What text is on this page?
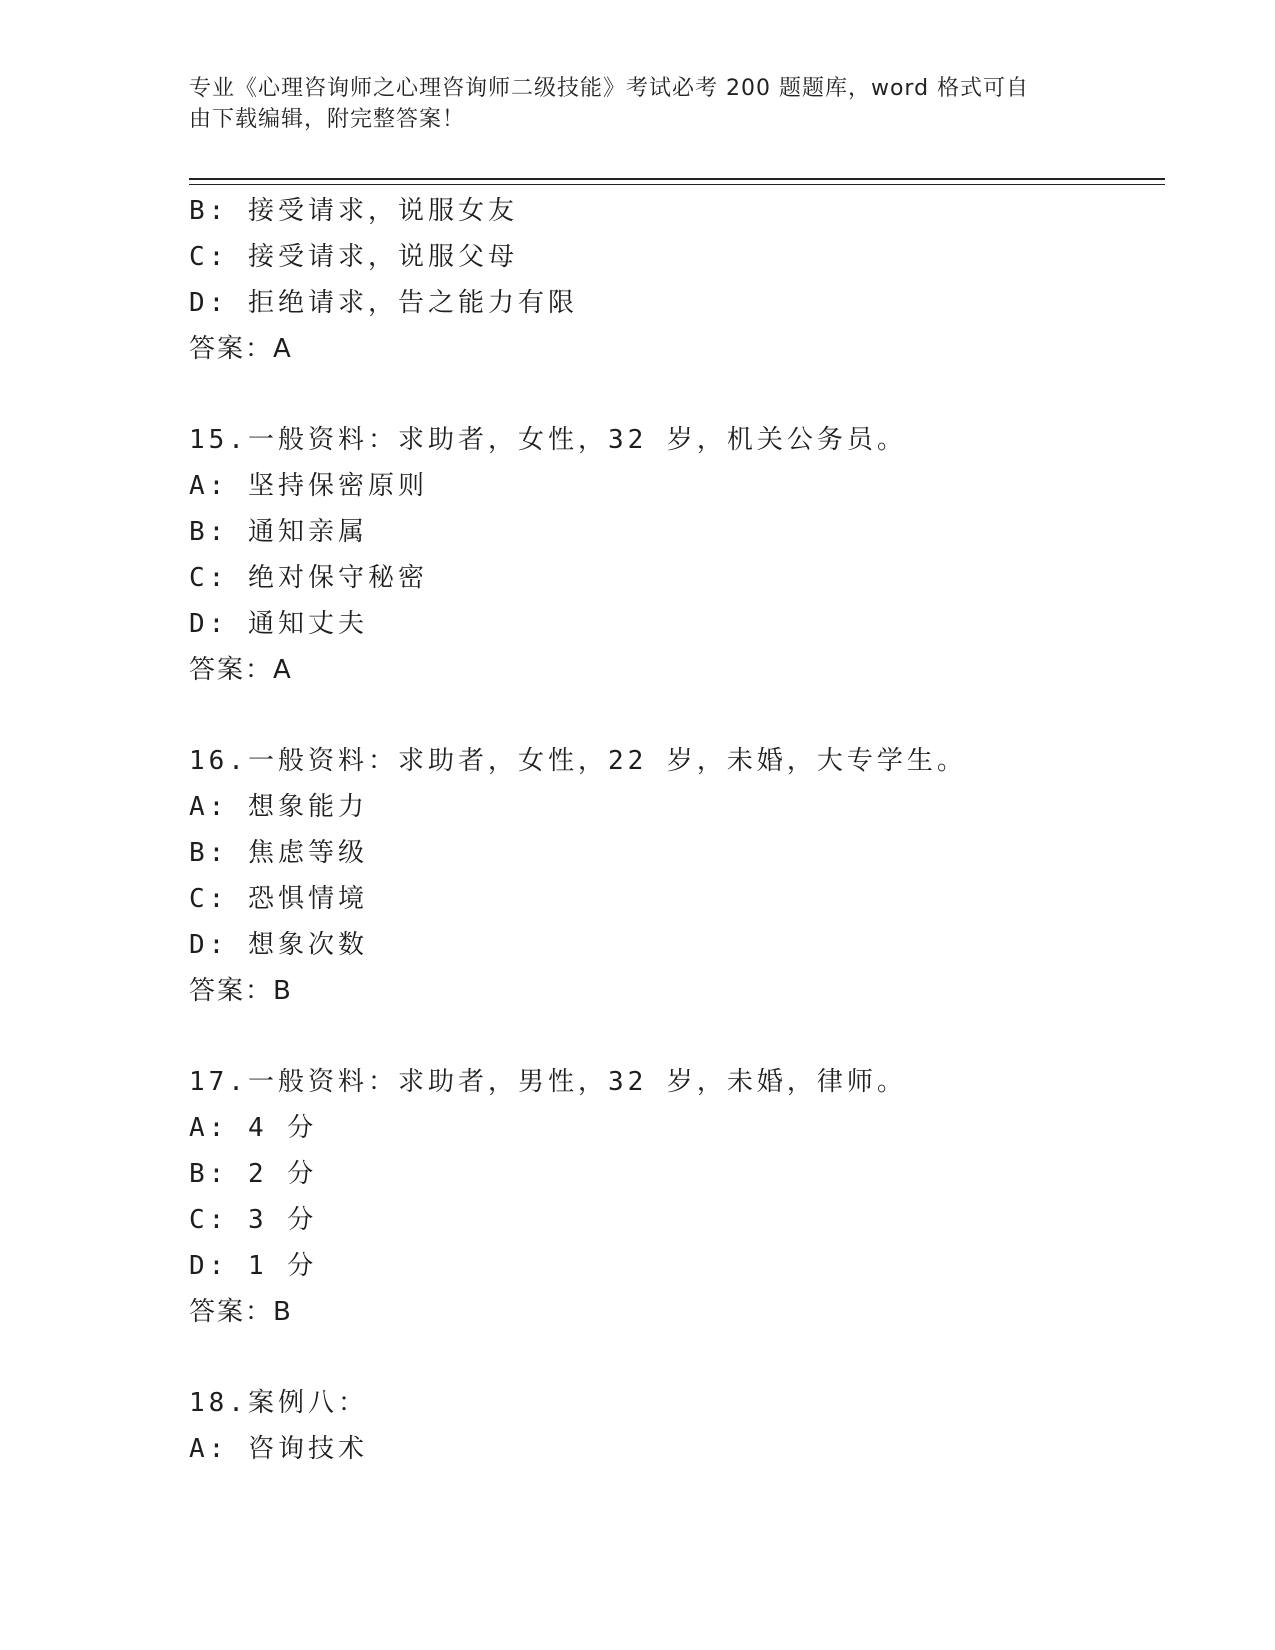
专业《心理咨询师之心理咨询师二级技能》考试必考 200 题题库，word 格式可自
由下载编辑，附完整答案！
B: 接受请求，说服女友
C: 接受请求，说服父母
D: 拒绝请求，告之能力有限
答案：A
15.一般资料：求助者，女性，32 岁，机关公务员。
A: 坚持保密原则
B: 通知亲属
C: 绝对保守秘密
D: 通知丈夫
答案：A
16.一般资料：求助者，女性，22 岁，未婚，大专学生。
A: 想象能力
B: 焦虑等级
C: 恐惧情境
D: 想象次数
答案：B
17.一般资料：求助者，男性，32 岁，未婚，律师。
A: 4 分
B: 2 分
C: 3 分
D: 1 分
答案：B
18.案例八：
A: 咨询技术
